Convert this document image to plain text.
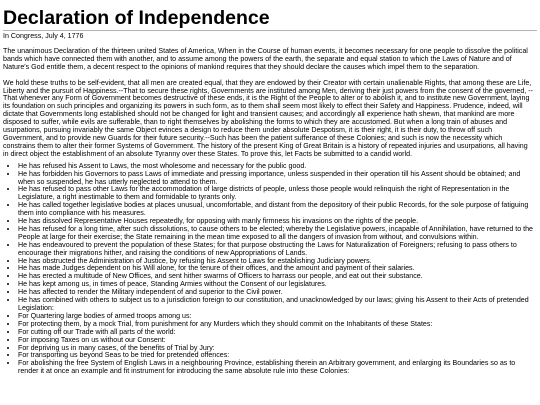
Declaration of Independence

In Congress, July 4, 1776

The unanimous Declaration of the thirteen united States of America, When in the Course of human events, it becomes necessary for one people to dissolve the political bands which have connected them with another, and to assume among the powers of the earth, the separate and equal station to which the Laws of Nature and of Nature's God entitle them, a decent respect to the opinions of mankind requires that they should declare the causes which impel them to the separation.

We hold these truths to be self-evident, that all men are created equal, that they are endowed by their Creator with certain unalienable Rights, that among these are Life, Liberty and the pursuit of Happiness.--That to secure these rights, Governments are instituted among Men, deriving their just powers from the consent of the governed, --That whenever any Form of Government becomes destructive of these ends, it is the Right of the People to alter or to abolish it, and to institute new Government, laying its foundation on such principles and organizing its powers in such form, as to them shall seem most likely to effect their Safety and Happiness. Prudence, indeed, will dictate that Governments long established should not be changed for light and transient causes; and accordingly all experience hath shewn, that mankind are more disposed to suffer, while evils are sufferable, than to right themselves by abolishing the forms to which they are accustomed. But when a long train of abuses and usurpations, pursuing invariably the same Object evinces a design to reduce them under absolute Despotism, it is their right, it is their duty, to throw off such Government, and to provide new Guards for their future security.--Such has been the patient sufferance of these Colonies; and such is now the necessity which constrains them to alter their former Systems of Government. The history of the present King of Great Britain is a history of repeated injuries and usurpations, all having in direct object the establishment of an absolute Tyranny over these States. To prove this, let Facts be submitted to a candid world.

• He has refused his Assent to Laws, the most wholesome and necessary for the public good.
• He has forbidden his Governors to pass Laws of immediate and pressing importance, unless suspended in their operation till his Assent should be obtained; and when so suspended, he has utterly neglected to attend to them.
• He has refused to pass other Laws for the accommodation of large districts of people, unless those people would relinquish the right of Representation in the Legislature, a right inestimable to them and formidable to tyrants only.
• He has called together legislative bodies at places unusual, uncomfortable, and distant from the depository of their public Records, for the sole purpose of fatiguing them into compliance with his measures.
• He has dissolved Representative Houses repeatedly, for opposing with manly firmness his invasions on the rights of the people.
• He has refused for a long time, after such dissolutions, to cause others to be elected; whereby the Legislative powers, incapable of Annihilation, have returned to the People at large for their exercise; the State remaining in the mean time exposed to all the dangers of invasion from without, and convulsions within.
• He has endeavoured to prevent the population of these States; for that purpose obstructing the Laws for Naturalization of Foreigners; refusing to pass others to encourage their migrations hither, and raising the conditions of new Appropriations of Lands.
• He has obstructed the Administration of Justice, by refusing his Assent to Laws for establishing Judiciary powers.
• He has made Judges dependent on his Will alone, for the tenure of their offices, and the amount and payment of their salaries.
• He has erected a multitude of New Offices, and sent hither swarms of Officers to harrass our people, and eat out their substance.
• He has kept among us, in times of peace, Standing Armies without the Consent of our legislatures.
• He has affected to render the Military independent of and superior to the Civil power.
• He has combined with others to subject us to a jurisdiction foreign to our constitution, and unacknowledged by our laws; giving his Assent to their Acts of pretended Legislation:
• For Quartering large bodies of armed troops among us:
• For protecting them, by a mock Trial, from punishment for any Murders which they should commit on the Inhabitants of these States:
• For cutting off our Trade with all parts of the world:
• For imposing Taxes on us without our Consent:
• For depriving us in many cases, of the benefits of Trial by Jury:
• For transporting us beyond Seas to be tried for pretended offences:
• For abolishing the free System of English Laws in a neighbouring Province, establishing therein an Arbitrary government, and enlarging its Boundaries so as to render it at once an example and fit instrument for introducing the same absolute rule into these Colonies:
